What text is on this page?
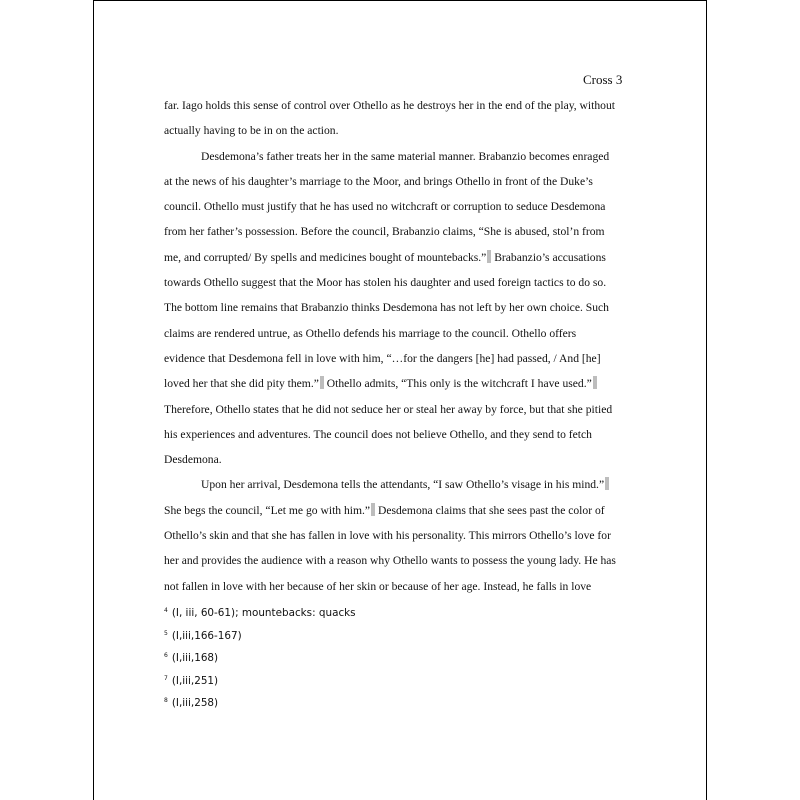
Cross 3
far. Iago holds this sense of control over Othello as he destroys her in the end of the play, without
actually having to be in on the action.
Desdemona’s father treats her in the same material manner. Brabanzio becomes enraged
at the news of his daughter’s marriage to the Moor, and brings Othello in front of the Duke’s
council. Othello must justify that he has used no witchcraft or corruption to seduce Desdemona
from her father’s possession. Before the council, Brabanzio claims, “She is abused, stol’n from
me, and corrupted/ By spells and medicines bought of mountebacks.” Brabanzio’s accusations
towards Othello suggest that the Moor has stolen his daughter and used foreign tactics to do so.
The bottom line remains that Brabanzio thinks Desdemona has not left by her own choice. Such
claims are rendered untrue, as Othello defends his marriage to the council. Othello offers
evidence that Desdemona fell in love with him, “…for the dangers [he] had passed, / And [he]
loved her that she did pity them.” Othello admits, “This only is the witchcraft I have used.”
Therefore, Othello states that he did not seduce her or steal her away by force, but that she pitied
his experiences and adventures. The council does not believe Othello, and they send to fetch
Desdemona.
Upon her arrival, Desdemona tells the attendants, “I saw Othello’s visage in his mind.”
She begs the council, “Let me go with him.” Desdemona claims that she sees past the color of
Othello’s skin and that she has fallen in love with his personality. This mirrors Othello’s love for
her and provides the audience with a reason why Othello wants to possess the young lady. He has
not fallen in love with her because of her skin or because of her age. Instead, he falls in love
$^4$ (I, iii, 60-61); mountebacks: quacks
$^5$ (I,iii,166-167)
$^6$ (I,iii,168)
$^7$ (I,iii,251)
$^8$ (I,iii,258)
